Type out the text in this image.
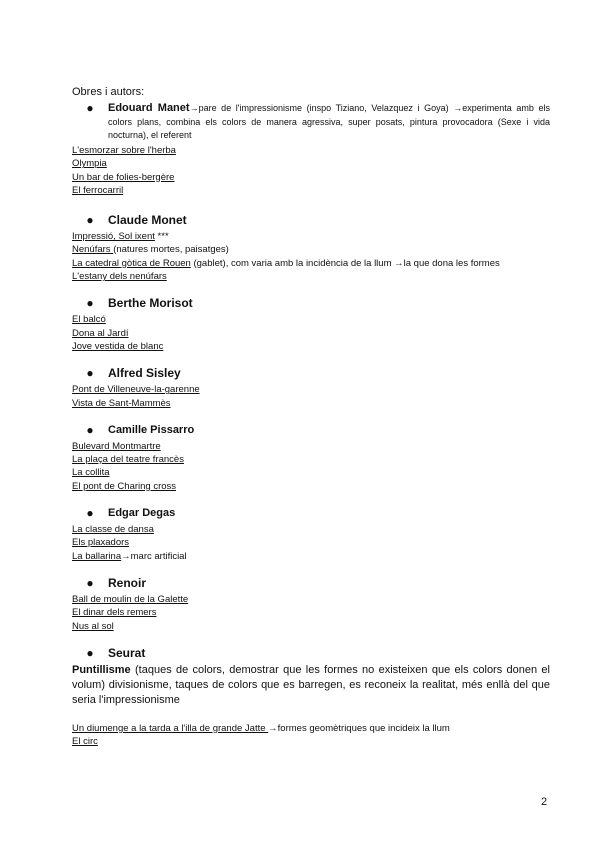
Obres i autors:
●	Edouard Manet→pare de l'impressionisme (inspo Tiziano, Velazquez i Goya) →experimenta amb els colors plans, combina els colors de manera agressiva, super posats, pintura provocadora (Sexe i vida nocturna), el referent
L'esmorzar sobre l'herba
Olympia
Un bar de folies-bergère
El ferrocarril
●	Claude Monet
Impressió, Sol ixent ***
Nenúfars (natures mortes, paisatges)
La catedral gòtica de Rouen (gablet), com varia amb la incidència de la llum →la que dona les formes
L'estany dels nenúfars
●	Berthe Morisot
El balcó
Dona al Jardí
Jove vestida de blanc
●	Alfred Sisley
Pont de Villeneuve-la-garenne
Vista de Sant-Mammès
●	Camille Pissarro
Bulevard Montmartre
La plaça del teatre francès
La collita
El pont de Charing cross
●	Edgar Degas
La classe de dansa
Els plaxadors
La ballarina→marc artificial
●	Renoir
Ball de moulin de la Galette
El dinar dels remers
Nus al sol
●	Seurat
Puntillisme (taques de colors, demostrar que les formes no existeixen que els colors donen el volum) divisionisme, taques de colors que es barregen, es reconeix la realitat, més enllà del que seria l'impressionisme
Un diumenge a la tarda a l'illa de grande Jatte →formes geomètriques que incideix la llum
El circ
2
